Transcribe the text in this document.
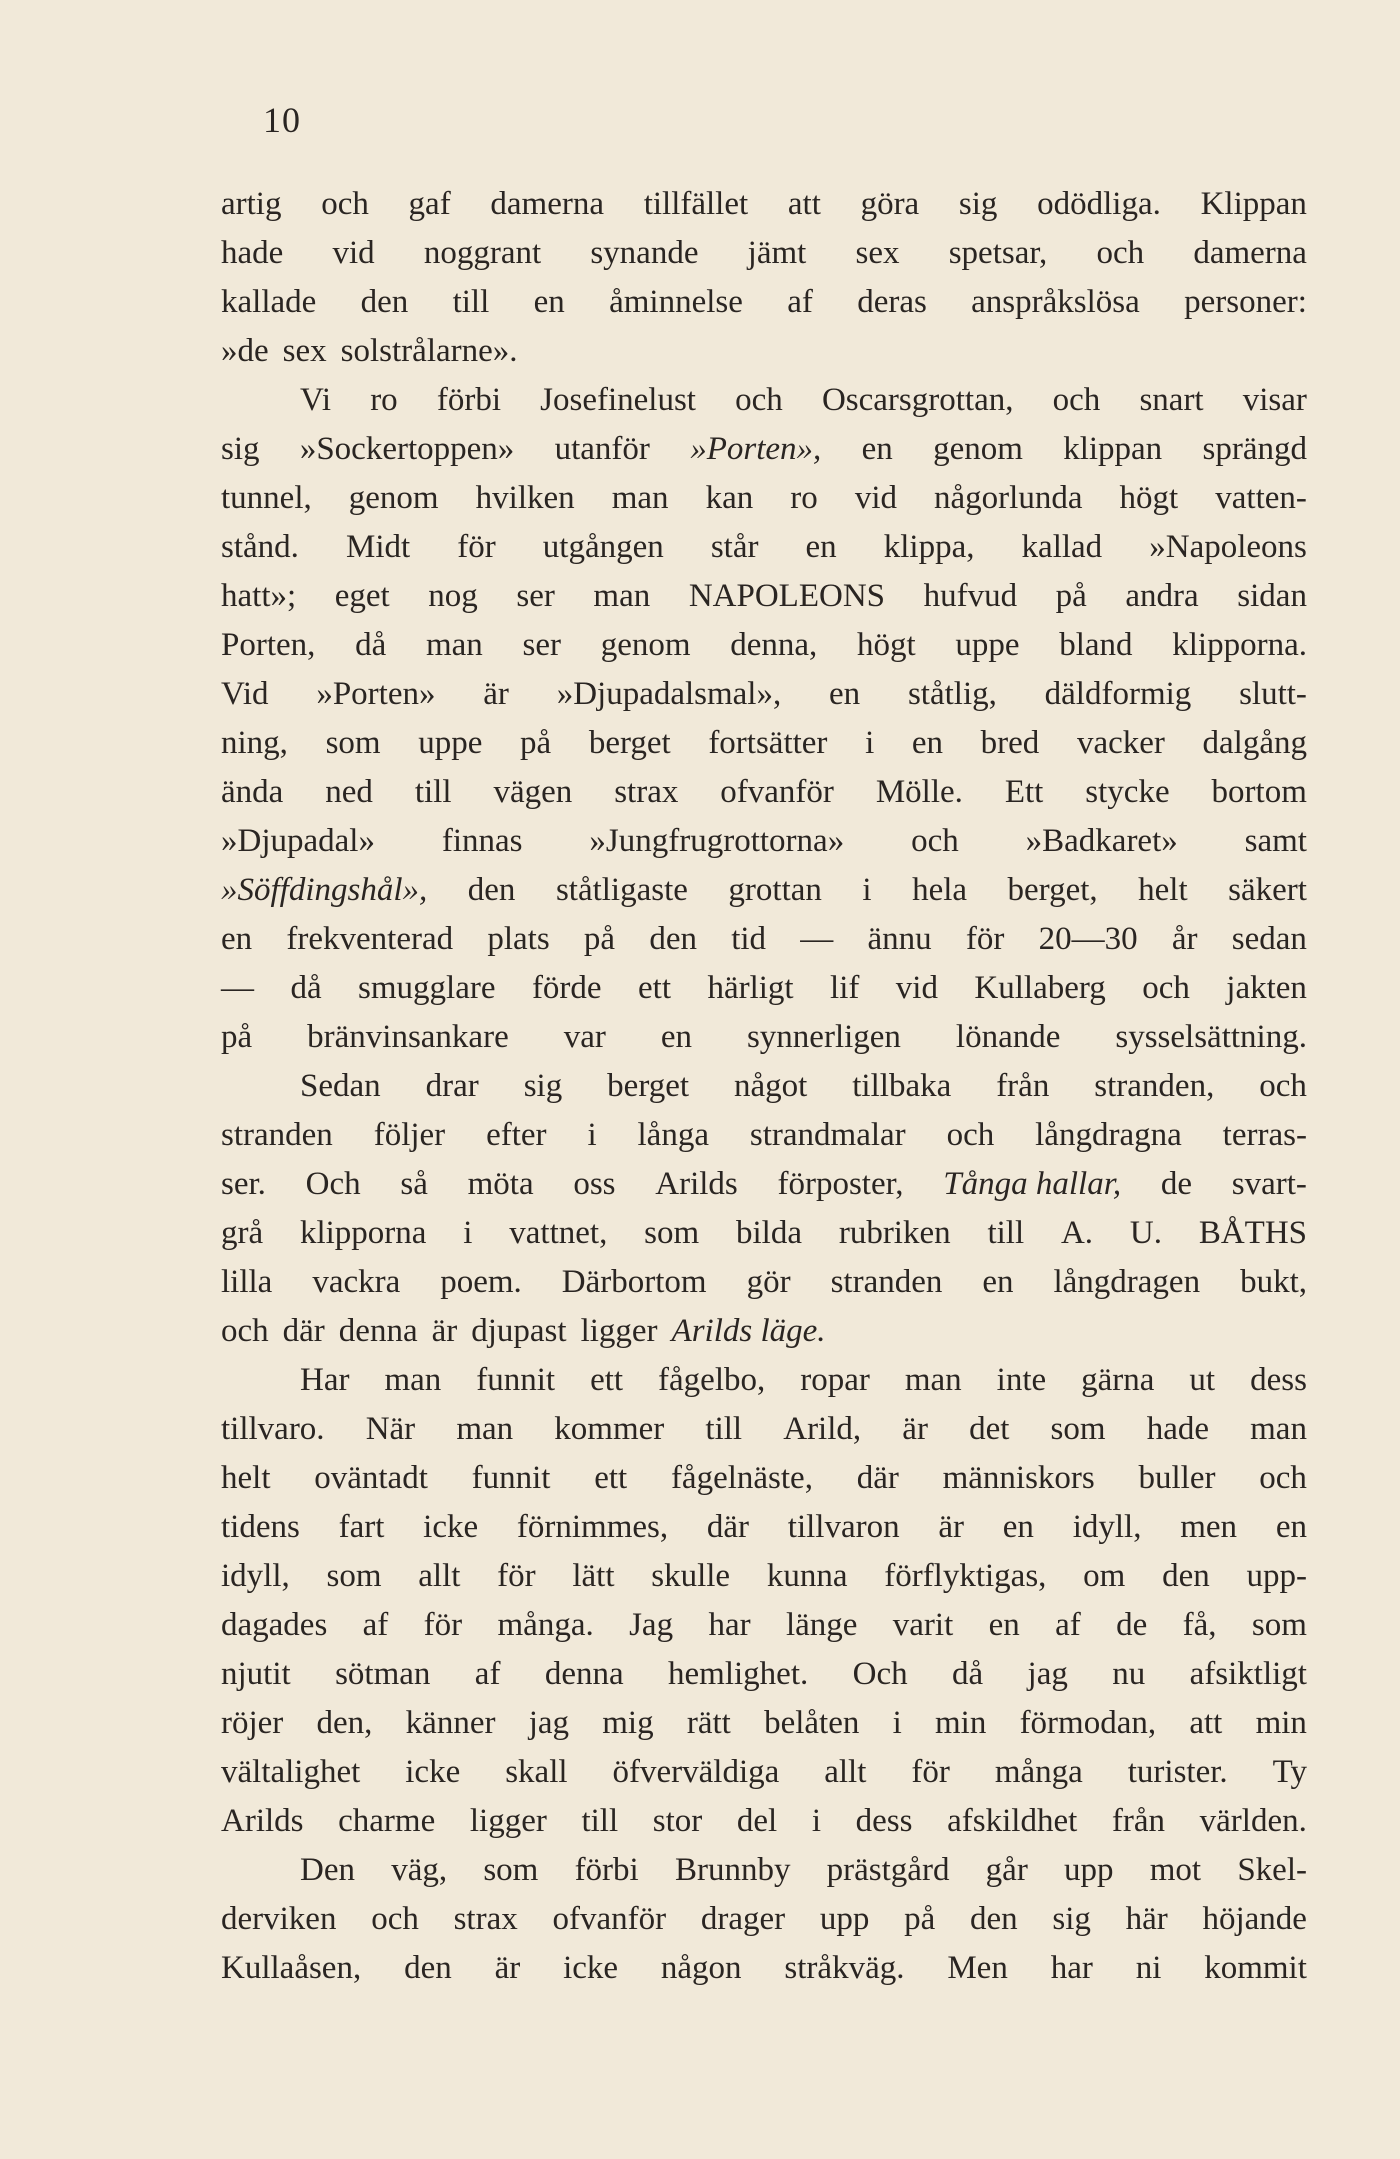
10
artig och gaf damerna tillfället att göra sig odödliga. Klippan
hade vid noggrant synande jämt sex spetsar, och damerna
kallade den till en åminnelse af deras anspråkslösa personer:
»de sex solstrålarne».
Vi ro förbi Josefinelust och Oscarsgrottan, och snart visar
sig »Sockertoppen» utanför »Porten», en genom klippan sprängd
tunnel, genom hvilken man kan ro vid någorlunda högt vatten-
stånd. Midt för utgången står en klippa, kallad »Napoleons
hatt»; eget nog ser man NAPOLEONS hufvud på andra sidan
Porten, då man ser genom denna, högt uppe bland klipporna.
Vid »Porten» är »Djupadalsmal», en ståtlig, däldformig slutt-
ning, som uppe på berget fortsätter i en bred vacker dalgång
ända ned till vägen strax ofvanför Mölle. Ett stycke bortom
»Djupadal» finnas »Jungfrugrottorna» och »Badkaret» samt
»Söffdingshål», den ståtligaste grottan i hela berget, helt säkert
en frekventerad plats på den tid — ännu för 20—30 år sedan
— då smugglare förde ett härligt lif vid Kullaberg och jakten
på bränvinsankare var en synnerligen lönande sysselsättning.
Sedan drar sig berget något tillbaka från stranden, och
stranden följer efter i långa strandmalar och långdragna terras-
ser. Och så möta oss Arilds förposter, Tånga hallar, de svart-
grå klipporna i vattnet, som bilda rubriken till A. U. BÅTHS
lilla vackra poem. Därbortom gör stranden en långdragen bukt,
och där denna är djupast ligger Arilds läge.
Har man funnit ett fågelbo, ropar man inte gärna ut dess
tillvaro. När man kommer till Arild, är det som hade man
helt oväntadt funnit ett fågelnäste, där människors buller och
tidens fart icke förnimmes, där tillvaron är en idyll, men en
idyll, som allt för lätt skulle kunna förflyktigas, om den upp-
dagades af för många. Jag har länge varit en af de få, som
njutit sötman af denna hemlighet. Och då jag nu afsiktligt
röjer den, känner jag mig rätt belåten i min förmodan, att min
vältalighet icke skall öfverväldiga allt för många turister. Ty
Arilds charme ligger till stor del i dess afskildhet från världen.
Den väg, som förbi Brunnby prästgård går upp mot Skel-
derviken och strax ofvanför drager upp på den sig här höjande
Kullaåsen, den är icke någon stråkväg. Men har ni kommit
